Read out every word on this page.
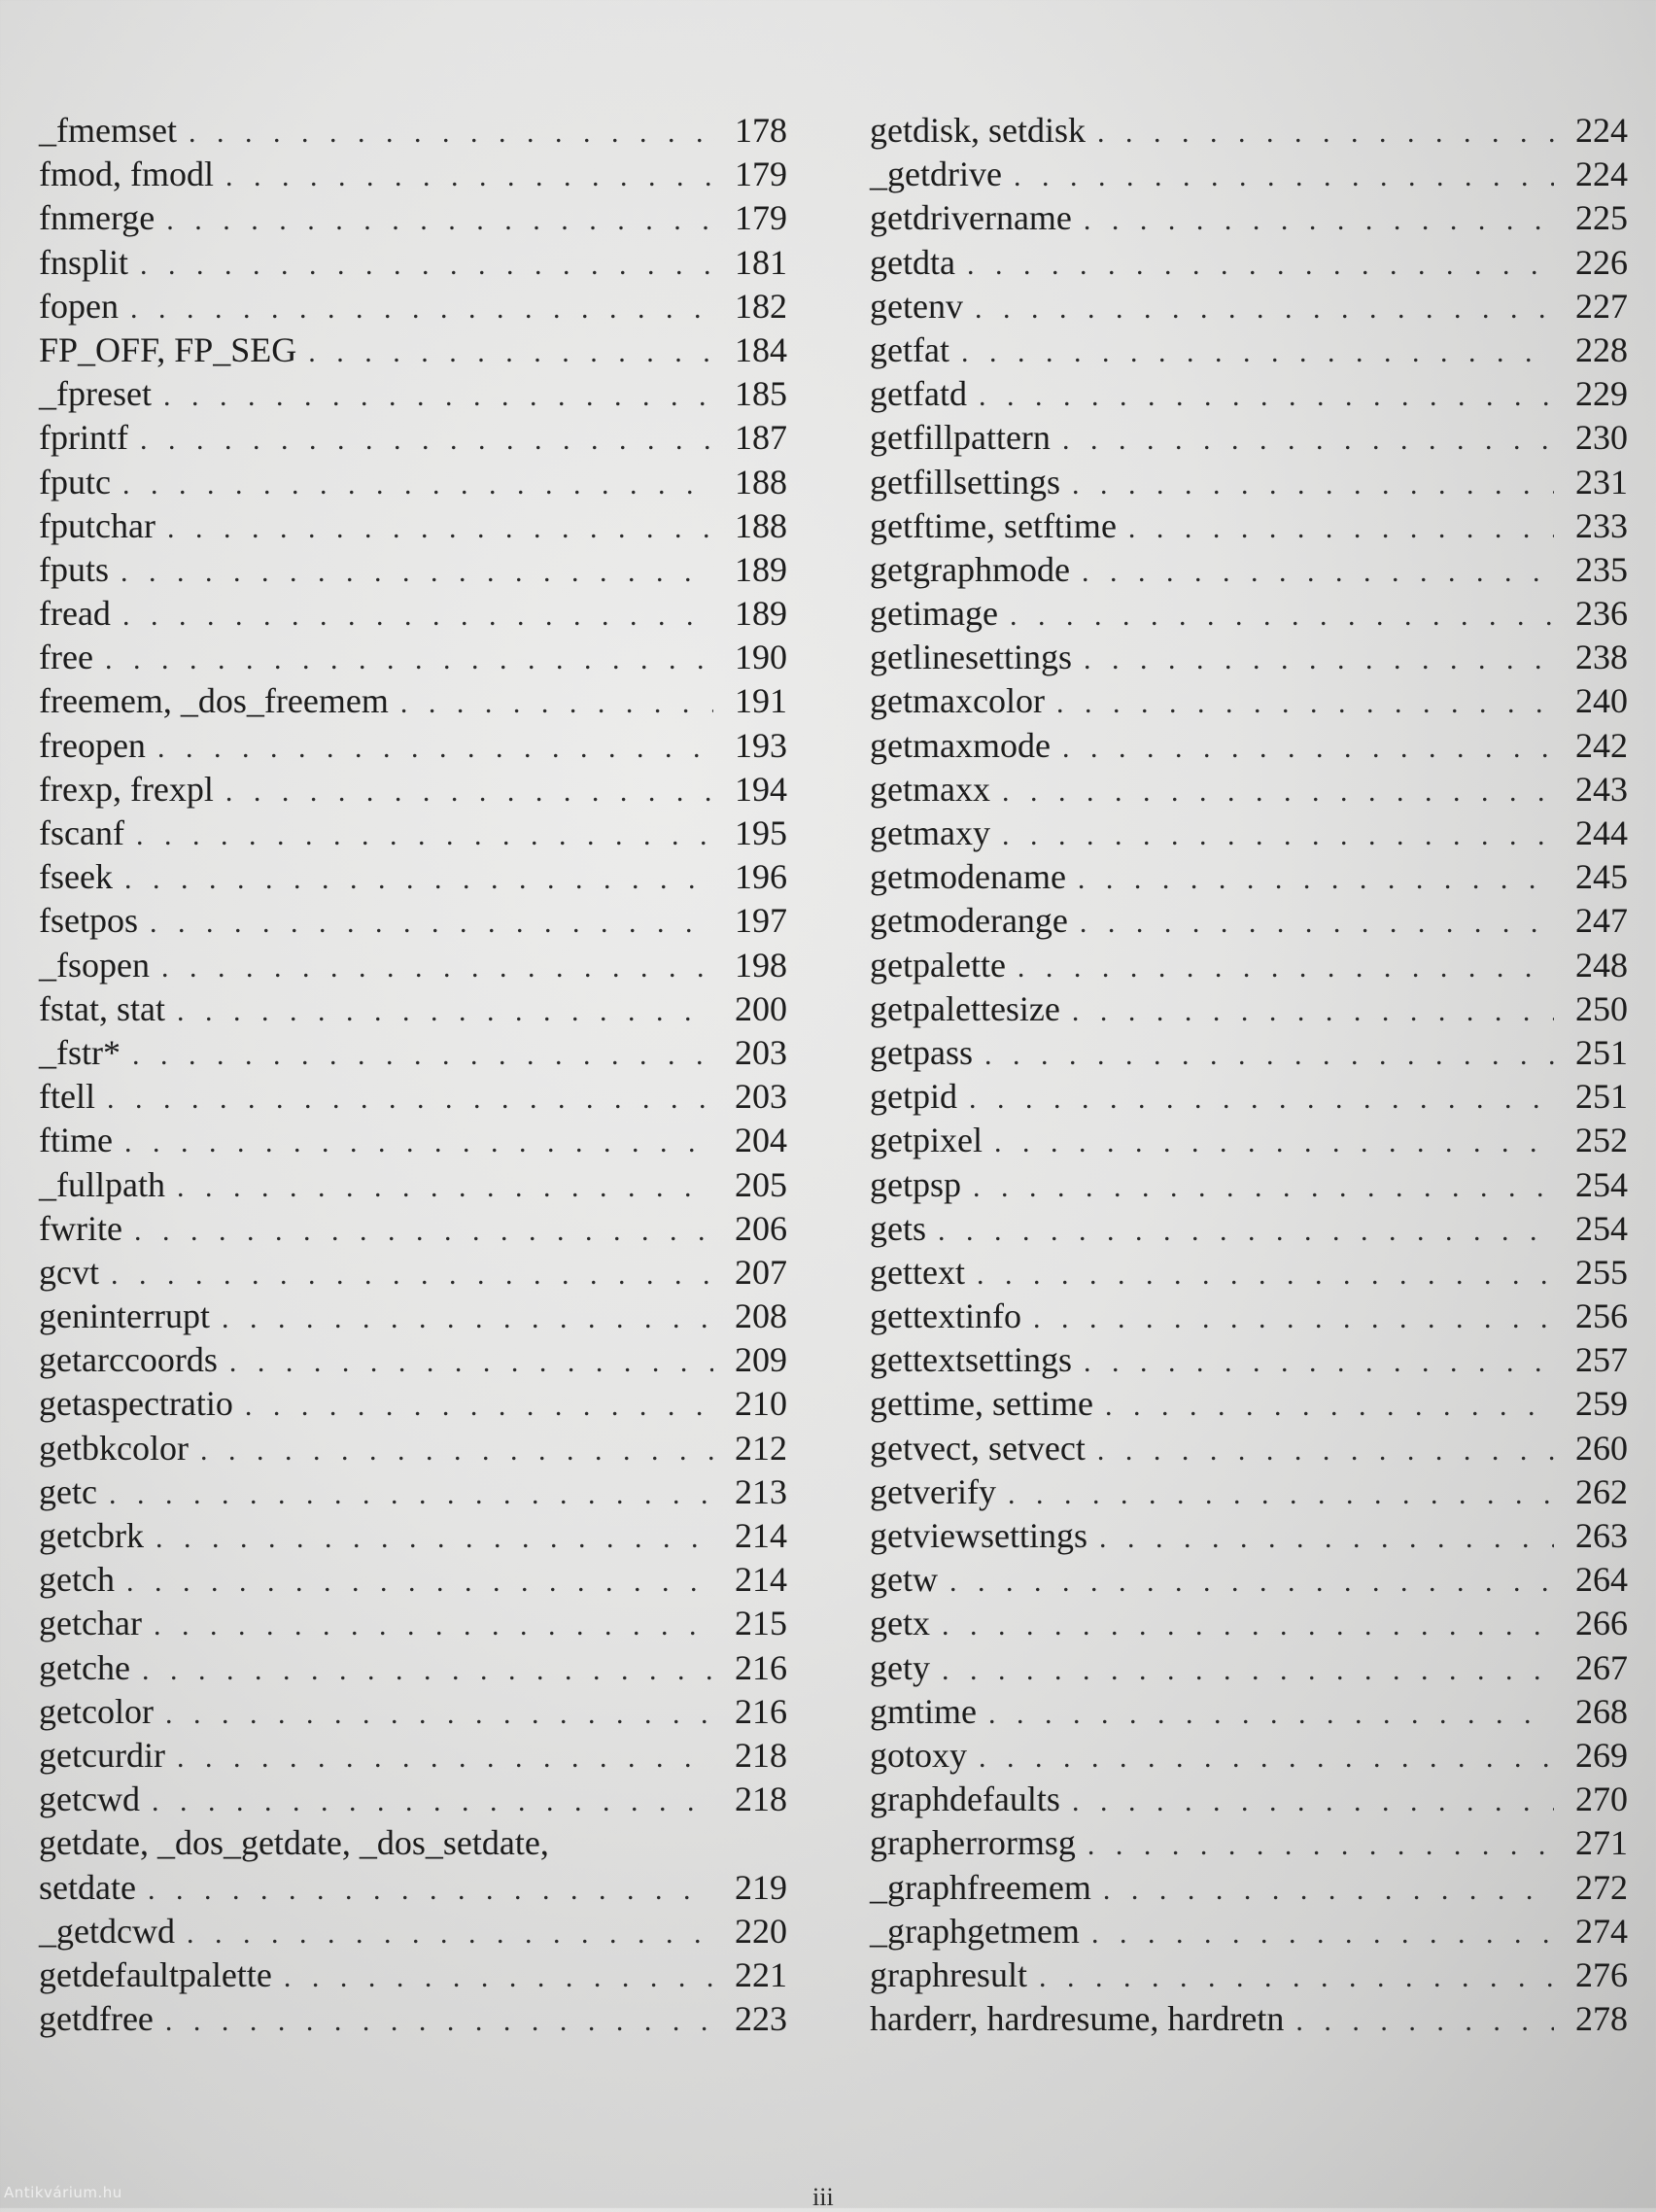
_fmemset . . .	178
fmod, fmodl . . .	179
fnmerge . . .	179
fnsplit . . .	181
fopen . . .	182
FP_OFF, FP_SEG . . .	184
_fpreset . . .	185
fprintf . . .	187
fputc . . .	188
fputchar . . .	188
fputs . . .	189
fread . . .	189
free . . .	190
freemem, _dos_freemem . . .	191
freopen . . .	193
frexp, frexpl . . .	194
fscanf . . .	195
fseek . . .	196
fsetpos . . .	197
_fsopen . . .	198
fstat, stat . . .	200
_fstr* . . .	203
ftell . . .	203
ftime . . .	204
_fullpath . . .	205
fwrite . . .	206
gcvt . . .	207
geninterrupt . . .	208
getarccoords . . .	209
getaspectratio . . .	210
getbkcolor . . .	212
getc . . .	213
getcbrk . . .	214
getch . . .	214
getchar . . .	215
getche . . .	216
getcolor . . .	216
getcurdir . . .	218
getcwd . . .	218
getdate, _dos_getdate, _dos_setdate,
setdate . . .	219
_getdcwd . . .	220
getdefaultpalette . . .	221
getdfree . . .	223
getdisk, setdisk . . .	224
_getdrive . . .	224
getdrivername . . .	225
getdta . . .	226
getenv . . .	227
getfat . . .	228
getfatd . . .	229
getfillpattern . . .	230
getfillsettings . . .	231
getftime, setftime . . .	233
getgraphmode . . .	235
getimage . . .	236
getlinesettings . . .	238
getmaxcolor . . .	240
getmaxmode . . .	242
getmaxx . . .	243
getmaxy . . .	244
getmodename . . .	245
getmoderange . . .	247
getpalette . . .	248
getpalettesize . . .	250
getpass . . .	251
getpid . . .	251
getpixel . . .	252
getpsp . . .	254
gets . . .	254
gettext . . .	255
gettextinfo . . .	256
gettextsettings . . .	257
gettime, settime . . .	259
getvect, setvect . . .	260
getverify . . .	262
getviewsettings . . .	263
getw . . .	264
getx . . .	266
gety . . .	267
gmtime . . .	268
gotoxy . . .	269
graphdefaults . . .	270
grapherrormsg . . .	271
_graphfreemem . . .	272
_graphgetmem . . .	274
graphresult . . .	276
harderr, hardresume, hardretn . . .	278
iii
Antikvárium.hu
